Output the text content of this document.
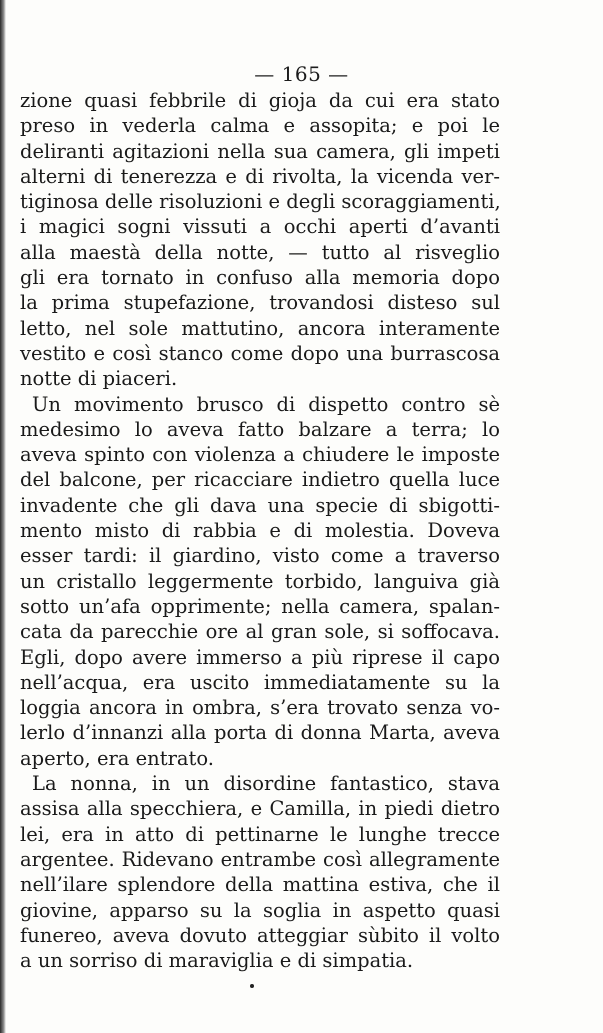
— 165 —
zione quasi febbrile di gioja da cui era stato
preso in vederla calma e assopita; e poi le
deliranti agitazioni nella sua camera, gli impeti
alterni di tenerezza e di rivolta, la vicenda ver-
tiginosa delle risoluzioni e degli scoraggiamenti,
i magici sogni vissuti a occhi aperti d’avanti
alla maestà della notte, — tutto al risveglio
gli era tornato in confuso alla memoria dopo
la prima stupefazione, trovandosi disteso sul
letto, nel sole mattutino, ancora interamente
vestito e così stanco come dopo una burrascosa
notte di piaceri.
Un movimento brusco di dispetto contro sè
medesimo lo aveva fatto balzare a terra; lo
aveva spinto con violenza a chiudere le imposte
del balcone, per ricacciare indietro quella luce
invadente che gli dava una specie di sbigotti-
mento misto di rabbia e di molestia. Doveva
esser tardi: il giardino, visto come a traverso
un cristallo leggermente torbido, languiva già
sotto un’afa opprimente; nella camera, spalan-
cata da parecchie ore al gran sole, si soffocava.
Egli, dopo avere immerso a più riprese il capo
nell’acqua, era uscito immediatamente su la
loggia ancora in ombra, s’era trovato senza vo-
lerlo d’innanzi alla porta di donna Marta, aveva
aperto, era entrato.
La nonna, in un disordine fantastico, stava
assisa alla specchiera, e Camilla, in piedi dietro
lei, era in atto di pettinarne le lunghe trecce
argentee. Ridevano entrambe così allegramente
nell’ilare splendore della mattina estiva, che il
giovine, apparso su la soglia in aspetto quasi
funereo, aveva dovuto atteggiar sùbito il volto
a un sorriso di maraviglia e di simpatia.
